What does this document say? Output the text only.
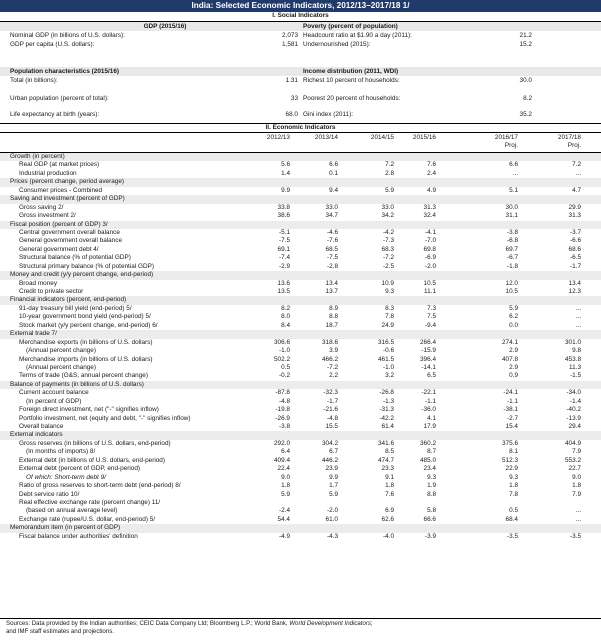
India: Selected Economic Indicators, 2012/13–2017/18 1/
I. Social Indicators
GDP (2015/16)	Poverty (percent of population)
Nominal GDP (in billions of U.S. dollars):	2,073 Headcount ratio at $1.90 a day (2011):	21.2
GDP per capita (U.S. dollars):	1,581 Undernourished (2015):	15.2
Population characteristics (2015/16)	Income distribution (2011, WDI)
Total (in billions):	1.31 Richest 10 percent of households:	30.0
Urban population (percent of total):	33 Poorest 20 percent of households:	8.2
Life expectancy at birth (years):	68.0 Gini index (2011):	35.2
II. Economic Indicators
2012/13	2013/14	2014/15	2015/16	2016/17	2017/18
Proj.	Proj.
Growth (in percent)
Real GDP (at market prices)	5.6	6.6	7.2	7.6	6.6	7.2
Industrial production	1.4	0.1	2.8	2.4	...	...
Prices (percent change, period average)
Consumer prices - Combined	9.9	9.4	5.9	4.9	5.1	4.7
Saving and investment (percent of GDP)
Gross saving 2/	33.8	33.0	33.0	31.3	30.0	29.9
Gross investment 2/	38.6	34.7	34.2	32.4	31.1	31.3
Fiscal position (percent of GDP) 3/
Central government overall balance	-5.1	-4.6	-4.2	-4.1	-3.8	-3.7
General government overall balance	-7.5	-7.6	-7.3	-7.0	-6.8	-6.6
General government debt 4/	69.1	68.5	68.3	69.8	69.7	68.6
Structural balance (% of potential GDP)	-7.4	-7.5	-7.2	-6.9	-6.7	-6.5
Structural primary balance (% of potential GDP)	-2.9	-2.8	-2.5	-2.0	-1.8	-1.7
Money and credit (y/y percent change, end-period)
Broad money	13.6	13.4	10.9	10.5	12.0	13.4
Credit to private sector	13.5	13.7	9.3	11.1	10.5	12.3
Financial indicators (percent, end-period)
91-day treasury bill yield (end-period) 5/	8.2	8.9	8.3	7.3	5.9	...
10-year government bond yield (end-period) 5/	8.0	8.8	7.8	7.5	6.2	...
Stock market (y/y percent change, end-period) 6/	8.4	18.7	24.9	-9.4	0.0	...
External trade 7/
Merchandise exports (in billions of U.S. dollars)	306.6	318.6	316.5	266.4	274.1	301.0
(Annual percent change)	-1.0	3.9	-0.6	-15.9	2.9	9.8
Merchandise imports (in billions of U.S. dollars)	502.2	466.2	461.5	396.4	407.8	453.8
(Annual percent change)	0.5	-7.2	-1.0	-14.1	2.9	11.3
Terms of trade (G&S, annual percent change)	-0.2	2.2	3.2	6.5	0.9	-1.5
Balance of payments (in billions of U.S. dollars)
Current account balance	-87.8	-32.3	-26.8	-22.1	-24.1	-34.0
(In percent of GDP)	-4.8	-1.7	-1.3	-1.1	-1.1	-1.4
Foreign direct investment, net ("-" signifies inflow)	-19.8	-21.6	-31.3	-36.0	-38.1	-40.2
Portfolio investment, net (equity and debt, "-" signifies inflow)	-26.9	-4.8	-42.2	4.1	-2.7	-13.9
Overall balance	-3.8	15.5	61.4	17.9	15.4	29.4
External indicators
Gross reserves (in billions of U.S. dollars, end-period)	292.0	304.2	341.6	360.2	375.6	404.9
(In months of imports) 8/	6.4	6.7	8.5	8.7	8.1	7.9
External debt (in billions of U.S. dollars, end-period)	409.4	446.2	474.7	485.0	512.3	553.2
External debt (percent of GDP, end-period)	22.4	23.9	23.3	23.4	22.9	22.7
Of which: Short-term debt 9/	9.0	9.9	9.1	9.3	9.3	9.0
Ratio of gross reserves to short-term debt (end-period) 8/	1.8	1.7	1.8	1.9	1.8	1.8
Debt service ratio 10/	5.9	5.9	7.6	8.8	7.8	7.9
Real effective exchange rate (percent change) 11/
(based on annual average level)	-2.4	-2.0	6.9	5.8	0.5	...
Exchange rate (rupee/U.S. dollar, end-period) 5/	54.4	61.0	62.6	66.6	68.4	...
Memorandum item (in percent of GDP)
Fiscal balance under authorities' definition	-4.9	-4.3	-4.0	-3.9	-3.5	-3.5
Sources: Data provided by the Indian authorities; CEIC Data Company Ltd; Bloomberg L.P.; World Bank, World Development Indicators;
and IMF staff estimates and projections.
